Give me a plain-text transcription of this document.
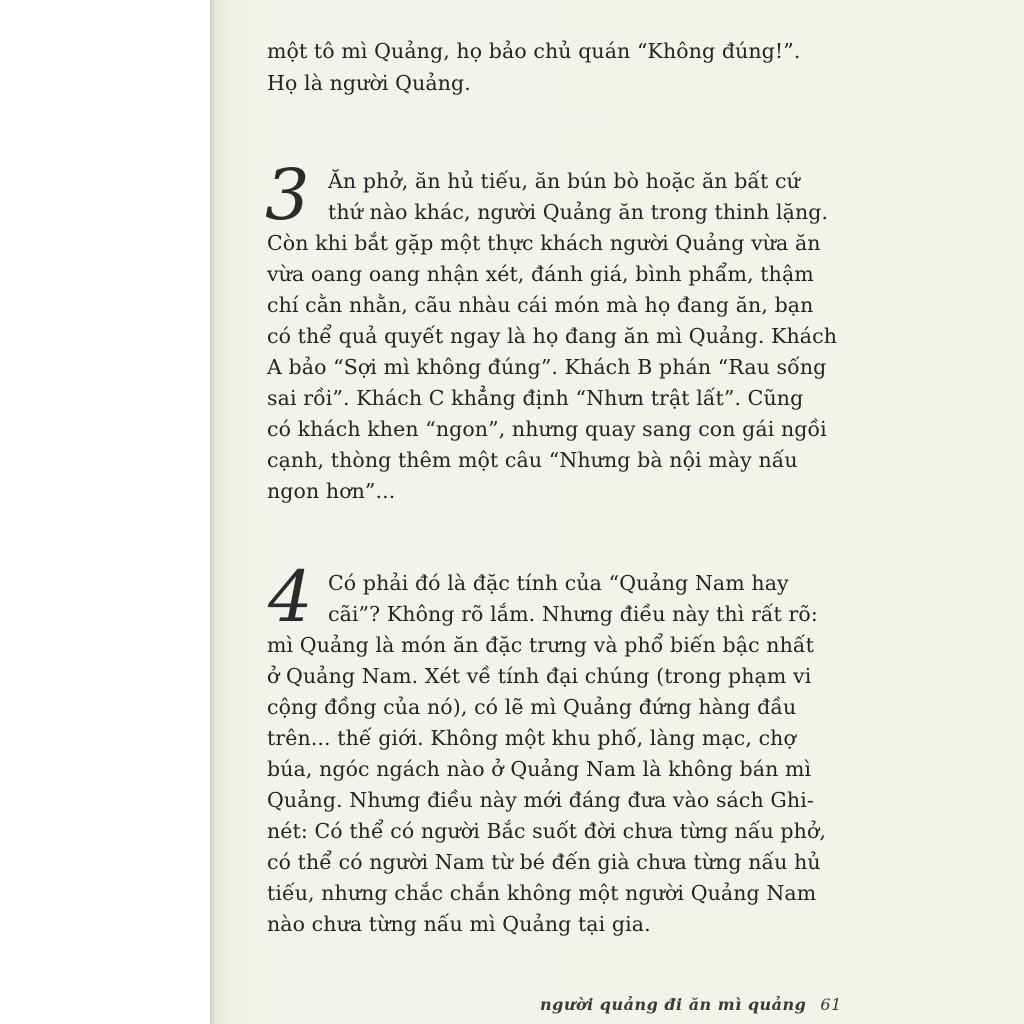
một tô mì Quảng, họ bảo chủ quán “Không đúng!”.

Họ là người Quảng.

3 Ăn phở, ăn hủ tiếu, ăn bún bò hoặc ăn bất cứ

thứ nào khác, người Quảng ăn trong thinh lặng.

Còn khi bắt gặp một thực khách người Quảng vừa ăn

vừa oang oang nhận xét, đánh giá, bình phẩm, thậm

chí cằn nhằn, cãu nhàu cái món mà họ đang ăn, bạn

có thể quả quyết ngay là họ đang ăn mì Quảng. Khách

A bảo “Sợi mì không đúng”. Khách B phán “Rau sống

sai rồi”. Khách C khẳng định “Nhưn trật lất”. Cũng

có khách khen “ngon”, nhưng quay sang con gái ngồi

cạnh, thòng thêm một câu “Nhưng bà nội mày nấu

ngon hơn”...

4 Có phải đó là đặc tính của “Quảng Nam hay

cãi”? Không rõ lắm. Nhưng điều này thì rất rõ:

mì Quảng là món ăn đặc trưng và phổ biến bậc nhất

ở Quảng Nam. Xét về tính đại chúng (trong phạm vi

cộng đồng của nó), có lẽ mì Quảng đứng hàng đầu

trên... thế giới. Không một khu phố, làng mạc, chợ

búa, ngóc ngách nào ở Quảng Nam là không bán mì

Quảng. Nhưng điều này mới đáng đưa vào sách Ghi-

nét: Có thể có người Bắc suốt đời chưa từng nấu phở,

có thể có người Nam từ bé đến già chưa từng nấu hủ

tiếu, nhưng chắc chắn không một người Quảng Nam

nào chưa từng nấu mì Quảng tại gia.

người quảng đi ăn mì quảng 61
